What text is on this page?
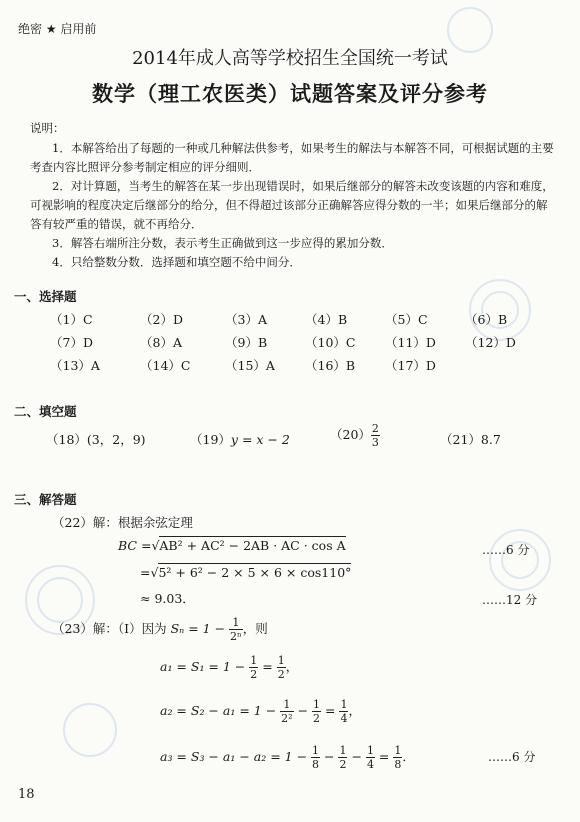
绝密 ★ 启用前
2014年成人高等学校招生全国统一考试
数学（理工农医类）试题答案及评分参考
说明：

1．本解答给出了每题的一种或几种解法供参考，如果考生的解法与本解答不同，可根据试题的主要考查内容比照评分参考制定相应的评分细则．

2．对计算题，当考生的解答在某一步出现错误时，如果后继部分的解答未改变该题的内容和难度，可视影响的程度决定后继部分的给分，但不得超过该部分正确解答应得分数的一半；如果后继部分的解答有较严重的错误，就不再给分．

3．解答右端所注分数，表示考生正确做到这一步应得的累加分数．

4．只给整数分数．选择题和填空题不给中间分．

一、选择题
（1）C	（2）D	（3）A	（4）B	（5）C	（6）B
（7）D	（8）A	（9）B	（10）C （11）D （12）D
（13）A	（14）C	（15）A （16）B （17）D
二、填空题
（18）(3，2，9)	（19）y = x − 2	$(20) \frac{2}{3}$	（21）8.7
三、解答题
（22）解：根据余弦定理
BC =√AB² + AC² − 2AB · AC · cos A	……6 分
=√5² + 6² − 2 × 5 × 6 × cos110°
≈ 9.03．	……12 分
（23）解：（Ⅰ）因为 $S_n = 1 - \frac{1}{\text{2ⁿ}}$ ，则
$a_1 = S_1 = 1 - \frac{1}{2} = \frac{1}{2}$ ，
$a_2 = S_2 - a_1 = 1 - \frac{1}{\text{2²}} - \frac{1}{2} = \frac{1}{4}$ ，
$a_3 = S_3 - a_1 - a_2 = 1 - \frac{1}{8} - \frac{1}{2} - \frac{1}{4} = \frac{1}{8}$ ．	……6 分
18
